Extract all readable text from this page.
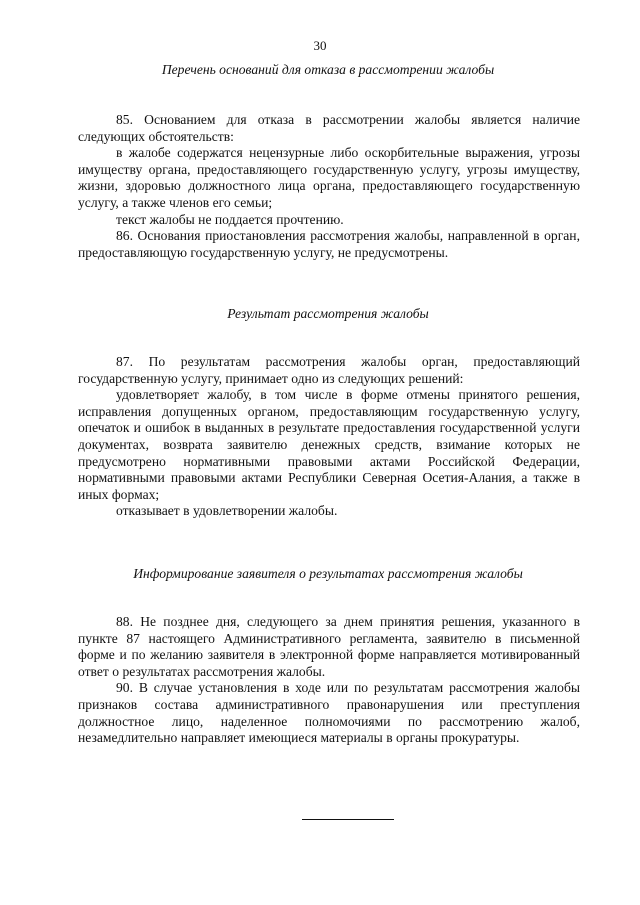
30
Перечень оснований для отказа в рассмотрении жалобы

85. Основанием для отказа в рассмотрении жалобы является наличие следующих обстоятельств:

в жалобе содержатся нецензурные либо оскорбительные выражения, угрозы имуществу органа, предоставляющего государственную услугу, угрозы имуществу, жизни, здоровью должностного лица органа, предоставляющего государственную услугу, а также членов его семьи;

текст жалобы не поддается прочтению.

86. Основания приостановления рассмотрения жалобы, направленной в орган, предоставляющую государственную услугу, не предусмотрены.

Результат рассмотрения жалобы

87. По результатам рассмотрения жалобы орган, предоставляющий государственную услугу, принимает одно из следующих решений:

удовлетворяет жалобу, в том числе в форме отмены принятого решения, исправления допущенных органом, предоставляющим государственную услугу, опечаток и ошибок в выданных в результате предоставления государственной услуги документах, возврата заявителю денежных средств, взимание которых не предусмотрено нормативными правовыми актами Российской Федерации, нормативными правовыми актами Республики Северная Осетия-Алания, а также в иных формах;

отказывает в удовлетворении жалобы.

Информирование заявителя о результатах рассмотрения жалобы

88. Не позднее дня, следующего за днем принятия решения, указанного в пункте 87 настоящего Административного регламента, заявителю в письменной форме и по желанию заявителя в электронной форме направляется мотивированный ответ о результатах рассмотрения жалобы.

90. В случае установления в ходе или по результатам рассмотрения жалобы признаков состава административного правонарушения или преступления должностное лицо, наделенное полномочиями по рассмотрению жалоб, незамедлительно направляет имеющиеся материалы в органы прокуратуры.
